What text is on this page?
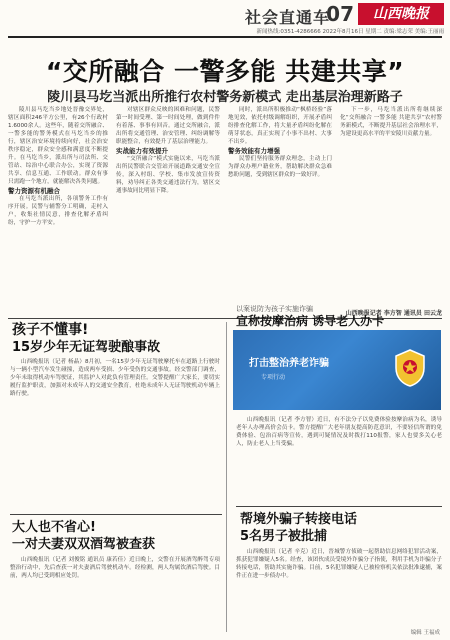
社会直通车
07	山西晚报
新闻热线:0351-4286666 2022年8月16日 星期二 责编:梁志荣 美编:王丽雨
“交所融合 一警多能 共建共享”
陵川县马圪当派出所推行农村警务新模式 走出基层治理新路子

陵川县马圪当乡地处晋豫交界处，辖区面积246平方公里，有26个行政村1.6000余人。这些年，随着交所融合、一警多能的警务模式在马圪当乡的推行，辖区治安环境持续向好，社会治安秩序稳定，群众安全感和满意度不断提升。在马圪当乡，派出所与司法所、交管站、综治中心联合办公，实现了资源共享、信息互通、工作联动。群众有事只需跑一个地方，就能解决各类问题。

警力资源有机融合

在马圪当派出所，各项警务工作有序开展。民警与辅警分工明确，走村入户，收集社情民意，排查化解矛盾纠纷，守护一方平安。

对辖区群众反映的困难和问题，民警第一时间受理、第一时间处理，做到件件有着落、事事有回音。通过交所融合，派出所将交通管理、治安管理、纠纷调解等职能整合，有效提升了基层治理能力。

实战能力有效提升

“交所融合”模式实施以来，马圪当派出所民警联合交管站开展道路交通安全宣传，深入村组、学校、集市发放宣传资料，劝导纠正各类交通违法行为，辖区交通事故同比明显下降。

同时，派出所积极推动“枫桥经验”落地见效，依托村级调解组织，开展矛盾纠纷排查化解工作，将大量矛盾纠纷化解在萌芽状态，真正实现了小事不出村、大事不出乡。

警务效能有力增强

民警们坚持服务群众理念，主动上门为群众办理户籍业务，帮助解决群众急难愁盼问题，受到辖区群众的一致好评。

下一步，马圪当派出所将继续深化“交所融合 一警多能 共建共享”农村警务新模式，不断提升基层社会治理水平，为建设更高水平的平安陵川贡献力量。

山西晚报记者 李方智 通讯员 田云龙
孩子不懂事!
15岁少年无证驾驶酿事故

山西晚报讯（记者 杨晶）8月初，一名15岁少年无证驾驶摩托车在道路上行驶时与一辆小型汽车发生碰撞，造成两车受损、少年受伤的交通事故。经交警部门调查，少年未取得机动车驾驶证，其监护人对此负有管理责任。交警提醒广大家长，要切实履行监护职责，加强对未成年人的交通安全教育，杜绝未成年人无证驾驶机动车辆上路行驶。

大人也不省心!
一对夫妻双双酒驾被查获

山西晚报讯（记者 刘俊铭 通讯员 康若佳）近日晚上，交警在开展酒驾醉驾专项整治行动中，先后查获一对夫妻酒后驾驶机动车。经检测，两人均属饮酒后驾驶。目前，两人均已受到相应处罚。

以案说防为孩子实施诈骗
宣称按摩治病 诱导老人办卡
打击整治养老诈骗
专项行动

山西晚报讯（记者 李方智）近日，有不法分子以免费体验按摩治病为名，诱导老年人办理高价会员卡。警方提醒广大老年朋友提高防范意识，不要轻信所谓的免费体验、包治百病等宣传，遇到可疑情况及时拨打110报警，家人也要多关心老人，防止老人上当受骗。

帮境外骗子转接电话
5名男子被批捕

山西晚报讯（记者 辛克）近日，晋城警方侦破一起帮助信息网络犯罪活动案，抓获犯罪嫌疑人5名。经查，该团伙成员受境外诈骗分子指使，利用手机为诈骗分子转接电话，帮助其实施诈骗。目前，5名犯罪嫌疑人已被检察机关依法批准逮捕，案件正在进一步侦办中。

编辑 王福成
